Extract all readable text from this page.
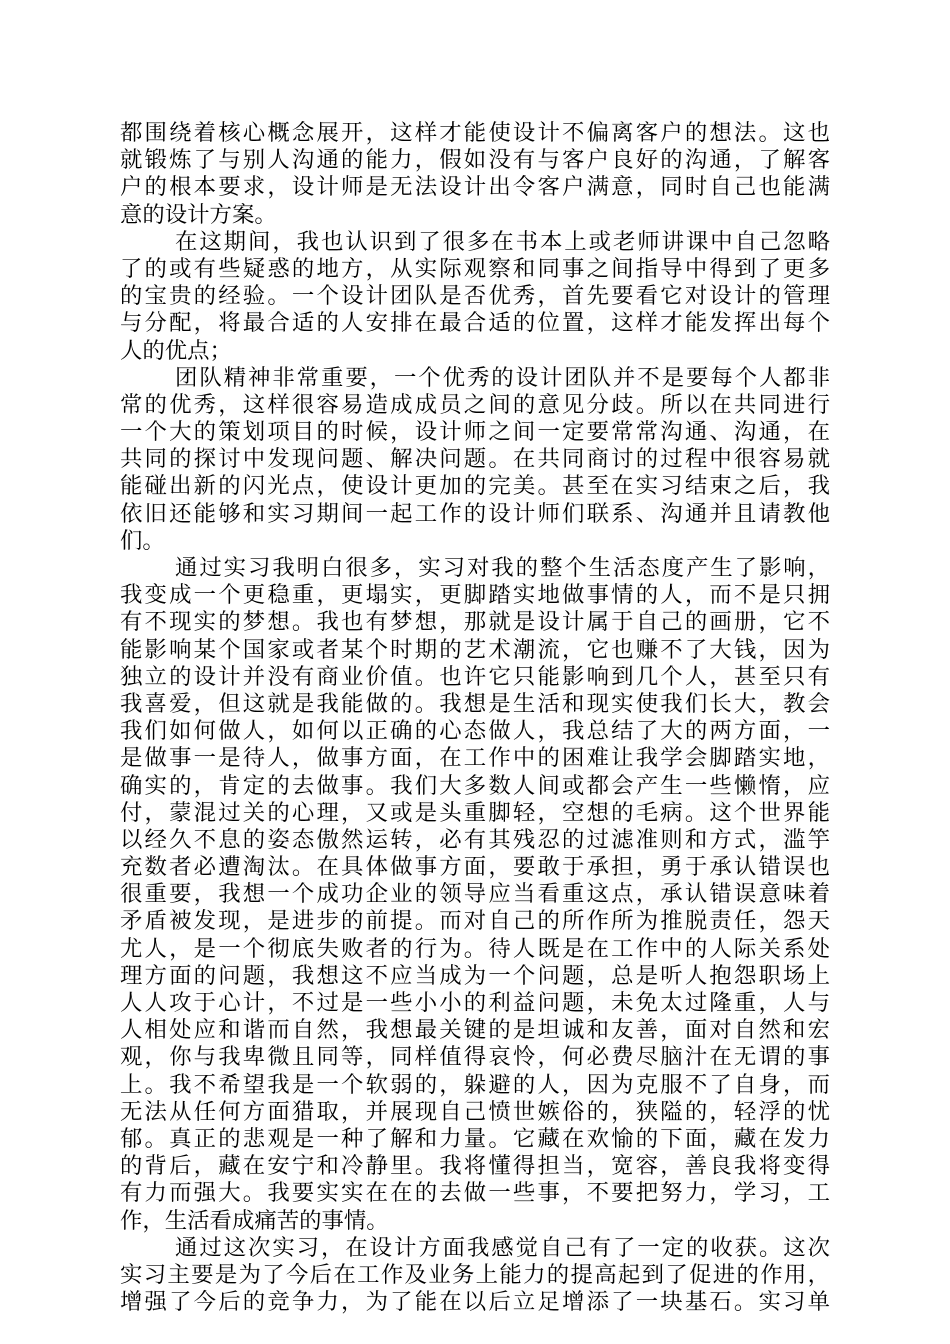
都围绕着核心概念展开，这样才能使设计不偏离客户的想法。这也
就锻炼了与别人沟通的能力，假如没有与客户良好的沟通，了解客
户的根本要求，设计师是无法设计出令客户满意，同时自己也能满
意的设计方案。
在这期间，我也认识到了很多在书本上或老师讲课中自己忽略
了的或有些疑惑的地方，从实际观察和同事之间指导中得到了更多
的宝贵的经验。一个设计团队是否优秀，首先要看它对设计的管理
与分配，将最合适的人安排在最合适的位置，这样才能发挥出每个
人的优点；
团队精神非常重要，一个优秀的设计团队并不是要每个人都非
常的优秀，这样很容易造成成员之间的意见分歧。所以在共同进行
一个大的策划项目的时候，设计师之间一定要常常沟通、沟通，在
共同的探讨中发现问题、解决问题。在共同商讨的过程中很容易就
能碰出新的闪光点，使设计更加的完美。甚至在实习结束之后，我
依旧还能够和实习期间一起工作的设计师们联系、沟通并且请教他
们。
通过实习我明白很多，实习对我的整个生活态度产生了影响，
我变成一个更稳重，更塌实，更脚踏实地做事情的人，而不是只拥
有不现实的梦想。我也有梦想，那就是设计属于自己的画册，它不
能影响某个国家或者某个时期的艺术潮流，它也赚不了大钱，因为
独立的设计并没有商业价值。也许它只能影响到几个人，甚至只有
我喜爱，但这就是我能做的。我想是生活和现实使我们长大，教会
我们如何做人，如何以正确的心态做人，我总结了大的两方面，一
是做事一是待人，做事方面，在工作中的困难让我学会脚踏实地，
确实的，肯定的去做事。我们大多数人间或都会产生一些懒惰，应
付，蒙混过关的心理，又或是头重脚轻，空想的毛病。这个世界能
以经久不息的姿态傲然运转，必有其残忍的过滤准则和方式，滥竽
充数者必遭淘汰。在具体做事方面，要敢于承担，勇于承认错误也
很重要，我想一个成功企业的领导应当看重这点，承认错误意味着
矛盾被发现，是进步的前提。而对自己的所作所为推脱责任，怨天
尤人，是一个彻底失败者的行为。待人既是在工作中的人际关系处
理方面的问题，我想这不应当成为一个问题，总是听人抱怨职场上
人人攻于心计，不过是一些小小的利益问题，未免太过隆重，人与
人相处应和谐而自然，我想最关键的是坦诚和友善，面对自然和宏
观，你与我卑微且同等，同样值得哀怜，何必费尽脑汁在无谓的事
上。我不希望我是一个软弱的，躲避的人，因为克服不了自身，而
无法从任何方面猎取，并展现自己愤世嫉俗的，狭隘的，轻浮的忧
郁。真正的悲观是一种了解和力量。它藏在欢愉的下面，藏在发力
的背后，藏在安宁和冷静里。我将懂得担当，宽容，善良我将变得
有力而强大。我要实实在在的去做一些事，不要把努力，学习，工
作，生活看成痛苦的事情。
通过这次实习，在设计方面我感觉自己有了一定的收获。这次
实习主要是为了今后在工作及业务上能力的提高起到了促进的作用，
增强了今后的竞争力，为了能在以后立足增添了一块基石。实习单
